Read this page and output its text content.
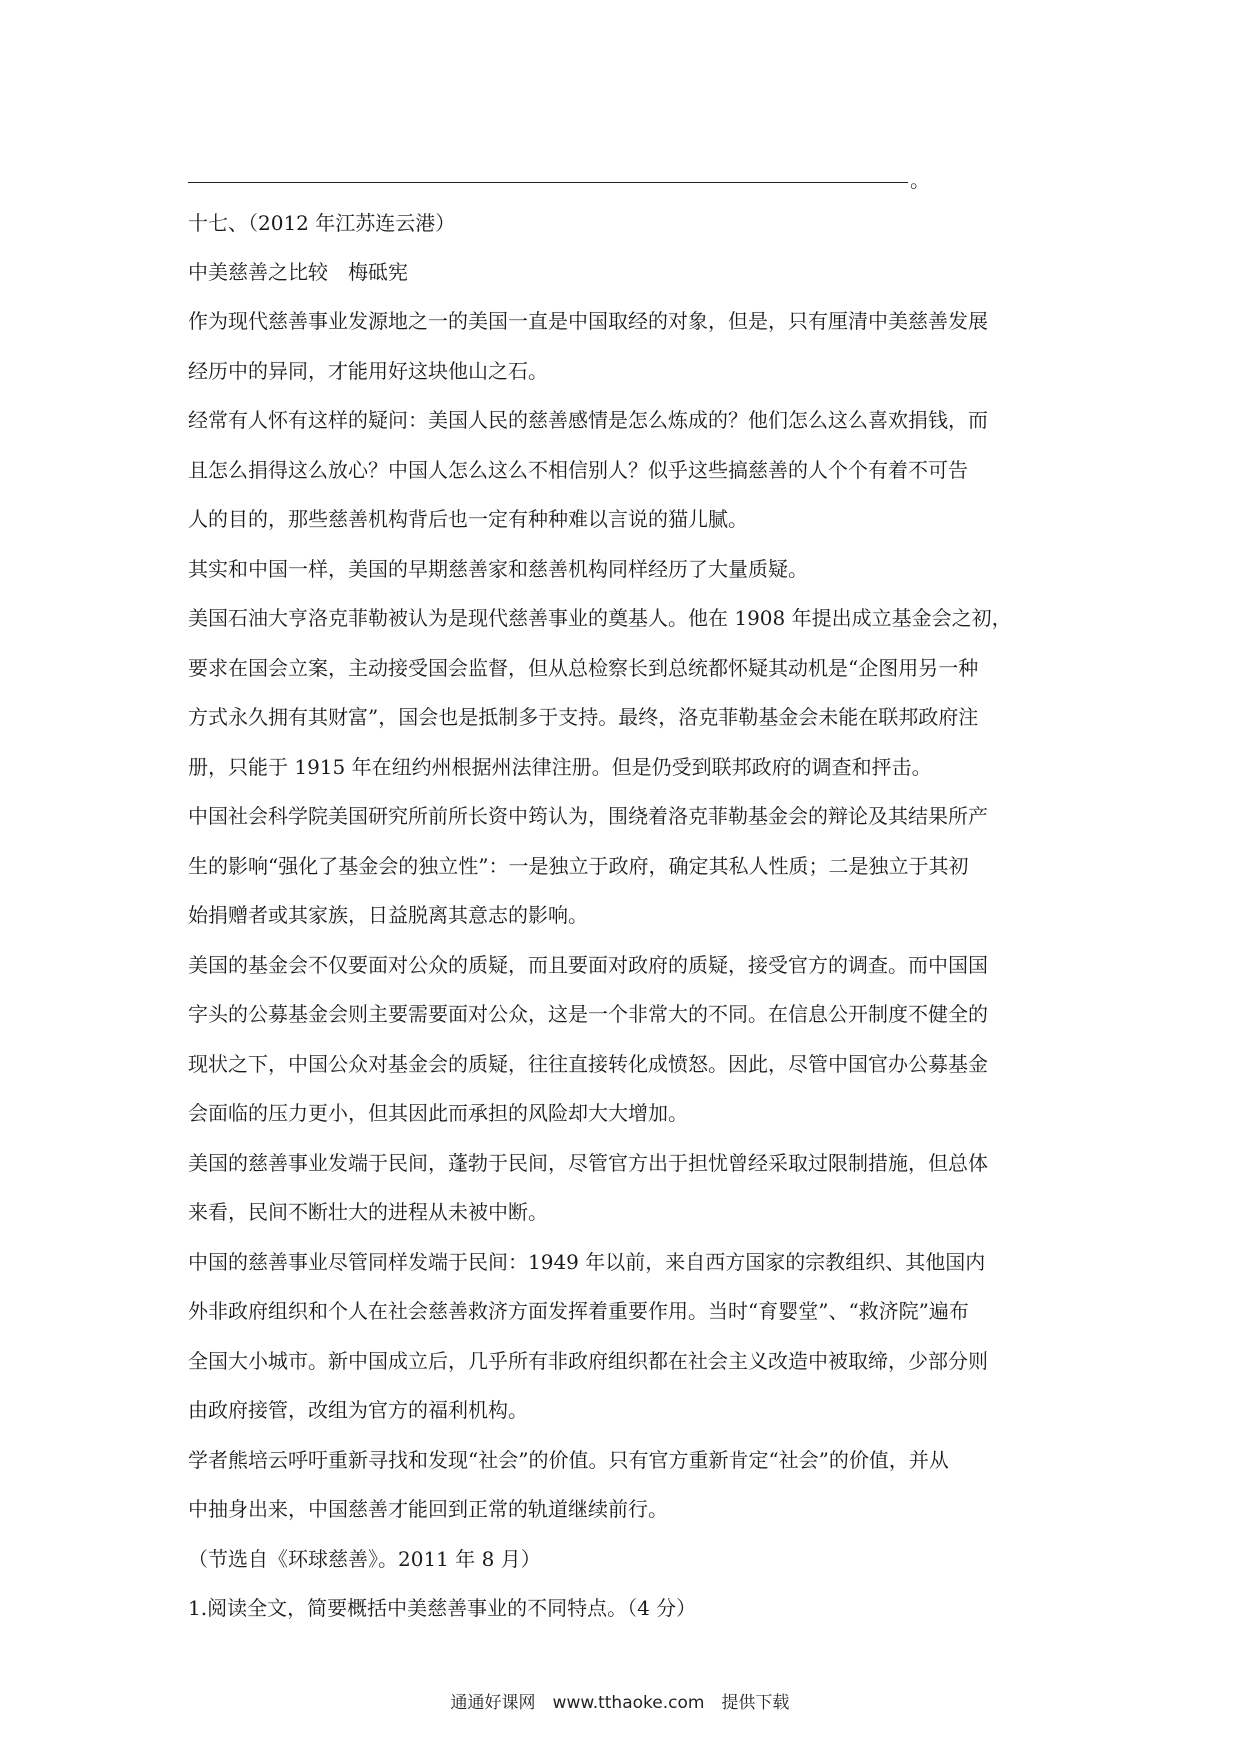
。

十七、（2012 年江苏连云港）

中美慈善之比较　梅砥宪

作为现代慈善事业发源地之一的美国一直是中国取经的对象，但是，只有厘清中美慈善发展

经历中的异同，才能用好这块他山之石。

经常有人怀有这样的疑问：美国人民的慈善感情是怎么炼成的？他们怎么这么喜欢捐钱，而

且怎么捐得这么放心？中国人怎么这么不相信别人？似乎这些搞慈善的人个个有着不可告

人的目的，那些慈善机构背后也一定有种种难以言说的猫儿腻。

其实和中国一样，美国的早期慈善家和慈善机构同样经历了大量质疑。

美国石油大亨洛克菲勒被认为是现代慈善事业的奠基人。他在 1908 年提出成立基金会之初，

要求在国会立案，主动接受国会监督，但从总检察长到总统都怀疑其动机是“企图用另一种

方式永久拥有其财富”，国会也是抵制多于支持。最终，洛克菲勒基金会未能在联邦政府注

册，只能于 1915 年在纽约州根据州法律注册。但是仍受到联邦政府的调查和抨击。

中国社会科学院美国研究所前所长资中筠认为，围绕着洛克菲勒基金会的辩论及其结果所产

生的影响“强化了基金会的独立性”：一是独立于政府，确定其私人性质；二是独立于其初

始捐赠者或其家族，日益脱离其意志的影响。

美国的基金会不仅要面对公众的质疑，而且要面对政府的质疑，接受官方的调查。而中国国

字头的公募基金会则主要需要面对公众，这是一个非常大的不同。在信息公开制度不健全的

现状之下，中国公众对基金会的质疑，往往直接转化成愤怒。因此，尽管中国官办公募基金

会面临的压力更小，但其因此而承担的风险却大大增加。

美国的慈善事业发端于民间，蓬勃于民间，尽管官方出于担忧曾经采取过限制措施，但总体

来看，民间不断壮大的进程从未被中断。

中国的慈善事业尽管同样发端于民间：1949 年以前，来自西方国家的宗教组织、其他国内

外非政府组织和个人在社会慈善救济方面发挥着重要作用。当时“育婴堂”、“救济院”遍布

全国大小城市。新中国成立后，几乎所有非政府组织都在社会主义改造中被取缔，少部分则

由政府接管，改组为官方的福利机构。

学者熊培云呼吁重新寻找和发现“社会”的价值。只有官方重新肯定“社会”的价值，并从

中抽身出来，中国慈善才能回到正常的轨道继续前行。

（节选自《环球慈善》。2011 年 8 月）

1.阅读全文，简要概括中美慈善事业的不同特点。（4 分）

通通好课网　www.tthaoke.com　提供下载
